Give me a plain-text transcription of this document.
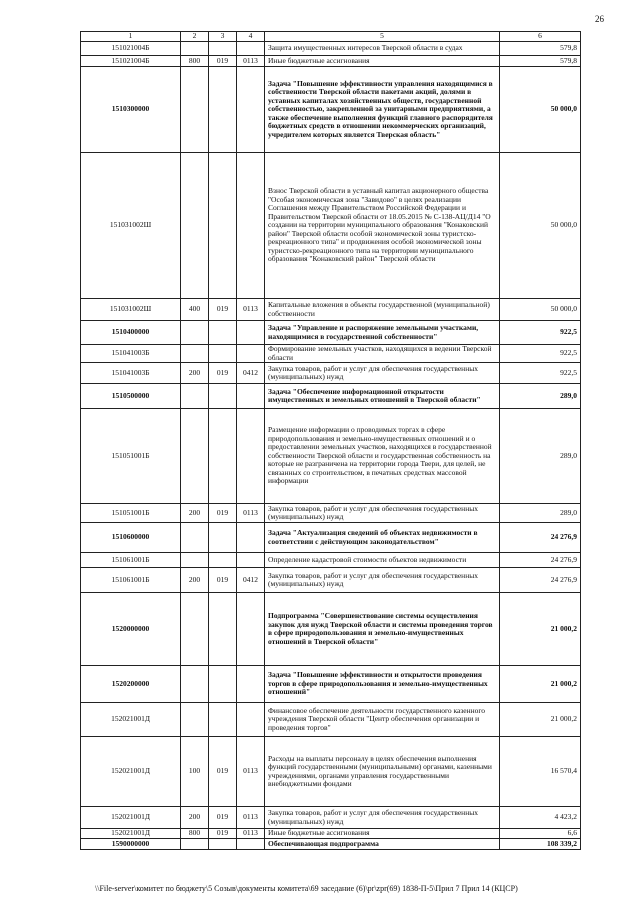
26
1	2	3	4	5	6
151021004Б				Защита имущественных интересов Тверской области в судах	579,8
151021004Б	800	019	0113	Иные бюджетные ассигнования	579,8
1510300000				Задача "Повышение эффективности управления находящимися в собственности Тверской области пакетами акций, долями в уставных капиталах хозяйственных обществ, государственной собственностью, закрепленной за унитарными предприятиями, а также обеспечение выполнения функций главного распорядителя бюджетных средств в отношении некоммерческих организаций, учредителем которых является Тверская область"	50 000,0
151031002Ш				Взнос Тверской области в уставный капитал акционерного общества "Особая экономическая зона "Завидово" в целях реализации Соглашения между Правительством Российской Федерации и Правительством Тверской области от 18.05.2015 № С-138-АЦ/Д14 "О создании на территории муниципального образования "Конаковский район" Тверской области особой экономической зоны туристско-рекреационного типа" и продвижения особой экономической зоны туристско-рекреационного типа на территории муниципального образования "Конаковский район" Тверской области	50 000,0
151031002Ш	400	019	0113	Капитальные вложения в объекты государственной (муниципальной) собственности	50 000,0
1510400000				Задача "Управление и распоряжение земельными участками, находящимися в государственной собственности"	922,5
151041003Б				Формирование земельных участков, находящихся в ведении Тверской области	922,5
151041003Б	200	019	0412	Закупка товаров, работ и услуг для обеспечения государственных (муниципальных) нужд	922,5
1510500000				Задача "Обеспечение информационной открытости имущественных и земельных отношений в Тверской области"	289,0
151051001Б				Размещение информации о проводимых торгах в сфере природопользования и земельно-имущественных отношений и о предоставлении земельных участков, находящихся в государственной собственности Тверской области и государственная собственность на которые не разграничена на территории города Твери, для целей, не связанных со строительством, в печатных средствах массовой информации	289,0
151051001Б	200	019	0113	Закупка товаров, работ и услуг для обеспечения государственных (муниципальных) нужд	289,0
1510600000				Задача "Актуализация сведений об объектах недвижимости в соответствии с действующим законодательством"	24 276,9
151061001Б				Определение кадастровой стоимости объектов недвижимости	24 276,9
151061001Б	200	019	0412	Закупка товаров, работ и услуг для обеспечения государственных (муниципальных) нужд	24 276,9
1520000000				Подпрограмма "Совершенствование системы осуществления закупок для нужд Тверской области и системы проведения торгов в сфере природопользования и земельно-имущественных отношений в Тверской области"	21 000,2
1520200000				Задача "Повышение эффективности и открытости проведения торгов в сфере природопользования и земельно-имущественных отношений"	21 000,2
152021001Д				Финансовое обеспечение деятельности государственного казенного учреждения Тверской области "Центр обеспечения организации и проведения торгов"	21 000,2
152021001Д	100	019	0113	Расходы на выплаты персоналу в целях обеспечения выполнения функций государственными (муниципальными) органами, казенными учреждениями, органами управления государственными внебюджетными фондами	16 570,4
152021001Д	200	019	0113	Закупка товаров, работ и услуг для обеспечения государственных (муниципальных) нужд	4 423,2
152021001Д	800	019	0113	Иные бюджетные ассигнования	6,6
1590000000				Обеспечивающая подпрограмма	108 339,2
\\File-server\комитет по бюджету\5 Созыв\документы комитета\69 заседание (6)\pr\zpr(69) 1838-П-5\Прил 7 Прил 14 (КЦСР)
